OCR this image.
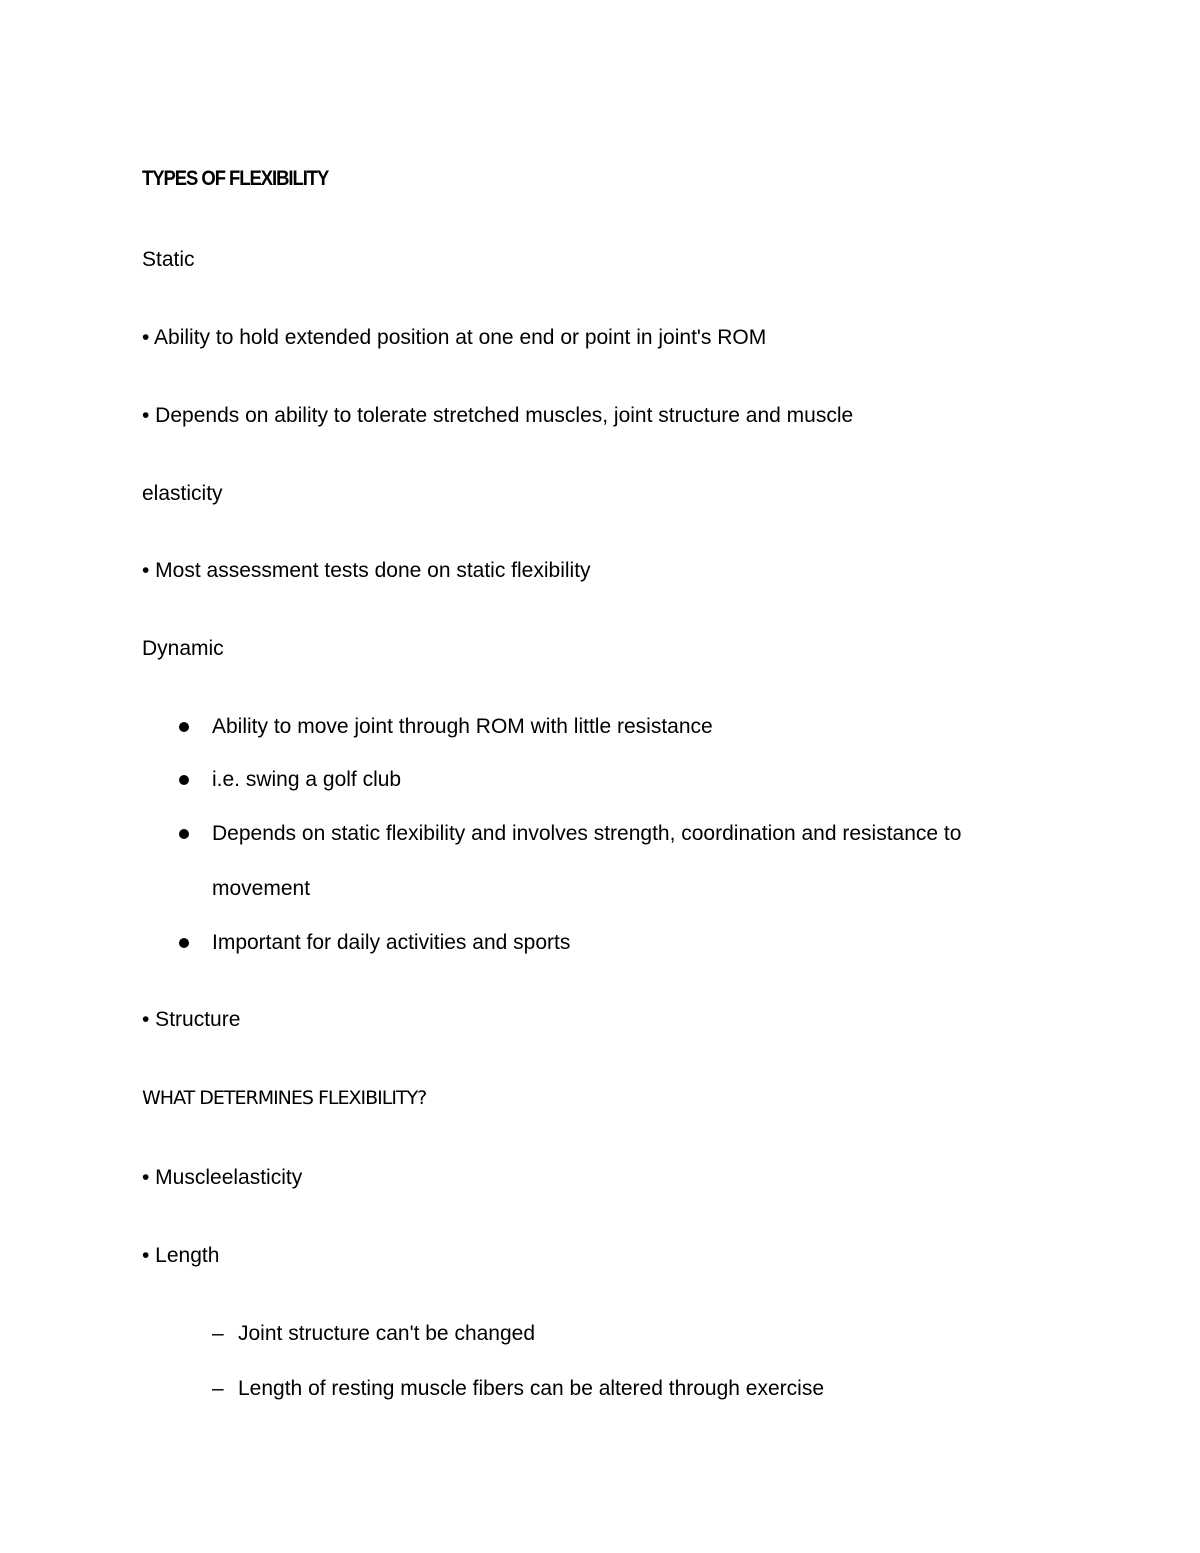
TYPES OF FLEXIBILITY
Static
• Ability to hold extended position at one end or point in joint's ROM
• Depends on ability to tolerate stretched muscles, joint structure and muscle
elasticity
• Most assessment tests done on static flexibility
Dynamic
Ability to move joint through ROM with little resistance
i.e. swing a golf club
Depends on static flexibility and involves strength, coordination and resistance to
movement
Important for daily activities and sports
• Structure
WHAT DETERMINES FLEXIBILITY?
• Muscleelasticity
• Length
– Joint structure can't be changed
– Length of resting muscle fibers can be altered through exercise
